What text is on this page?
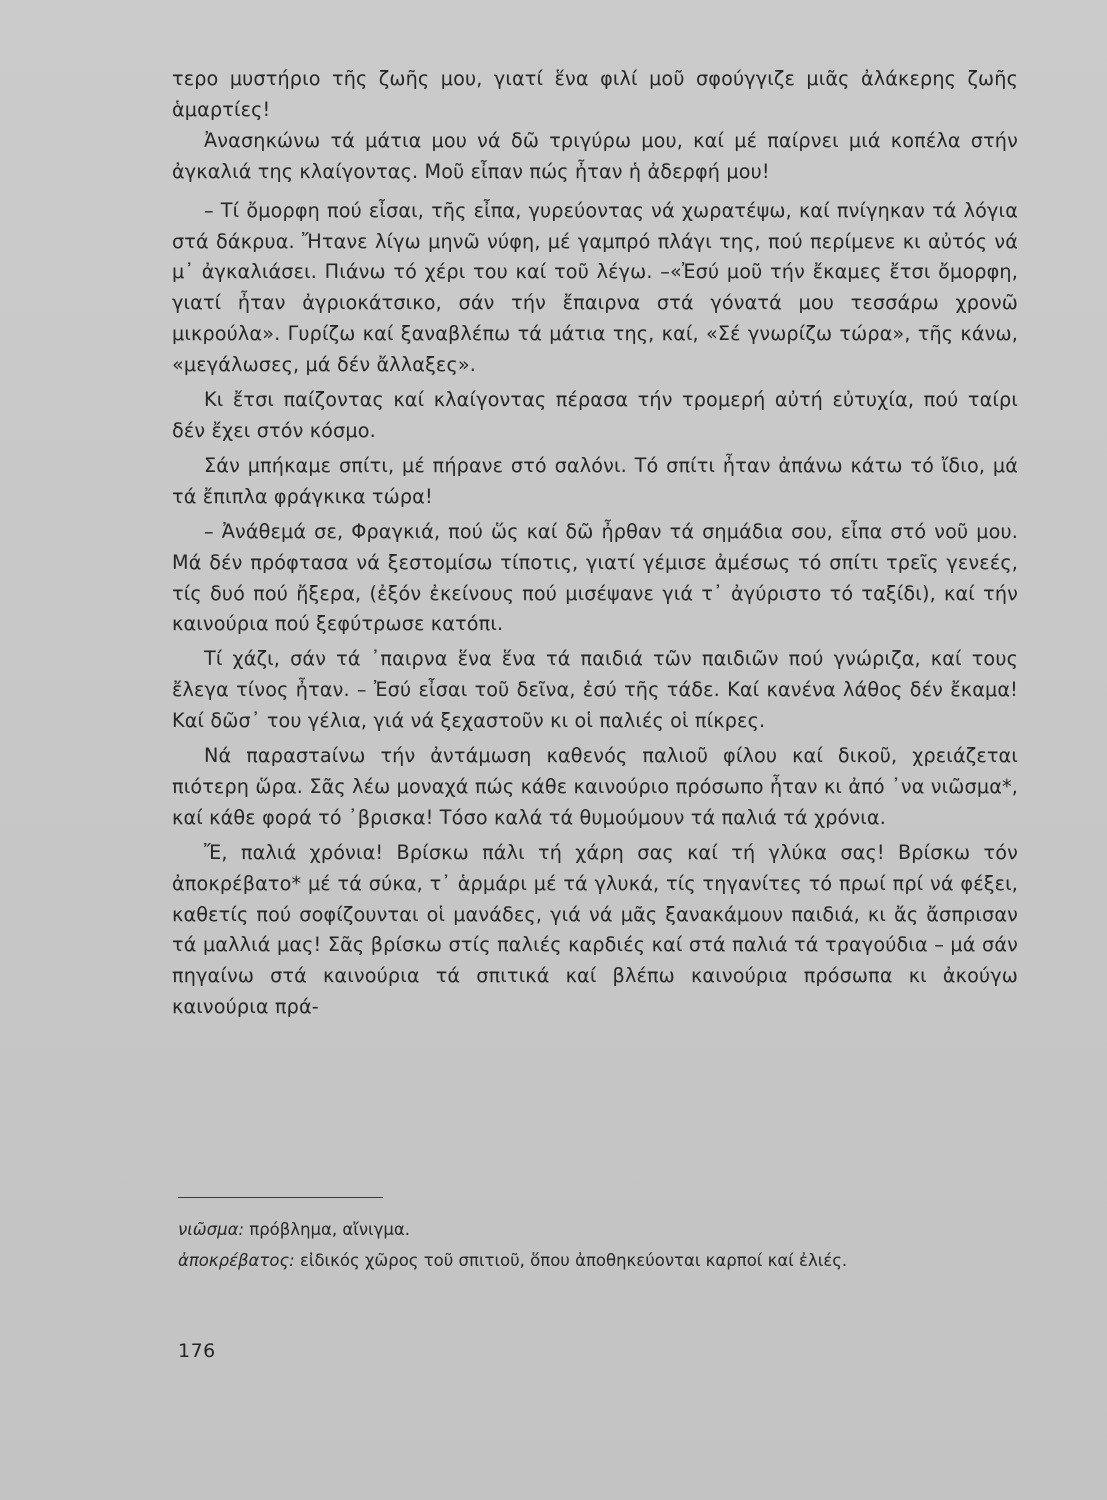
τερο μυστήριο τῆς ζωῆς μου, γιατί ἕνα φιλί μοῦ σφούγγιζε μιᾶς ἀλάκερης ζωῆς ἁμαρτίες!

Ἀνασηκώνω τά μάτια μου νά δῶ τριγύρω μου, καί μέ παίρνει μιά κοπέλα στήν ἀγκαλιά της κλαίγοντας. Μοῦ εἶπαν πώς ἦταν ἡ ἀδερφή μου!

– Τί ὄμορφη πού εἶσαι, τῆς εἶπα, γυρεύοντας νά χωρατέψω, καί πνίγηκαν τά λόγια στά δάκρυα. Ἤτανε λίγω μηνῶ νύφη, μέ γαμπρό πλάγι της, πού περίμενε κι αὐτός νά μ᾽ ἀγκαλιάσει. Πιάνω τό χέρι του καί τοῦ λέγω. –«Ἐσύ μοῦ τήν ἔκαμες ἔτσι ὄμορφη, γιατί ἦταν ἀγριοκάτσικο, σάν τήν ἔπαιρνα στά γόνατά μου τεσσάρω χρονῶ μικρούλα». Γυρίζω καί ξαναβλέπω τά μάτια της, καί, «Σέ γνωρίζω τώρα», τῆς κάνω, «μεγάλωσες, μά δέν ἄλλαξες».

Κι ἔτσι παίζοντας καί κλαίγοντας πέρασα τήν τρομερή αὐτή εὐτυχία, πού ταίρι δέν ἔχει στόν κόσμο.

Σάν μπήκαμε σπίτι, μέ πήρανε στό σαλόνι. Τό σπίτι ἦταν ἀπάνω κάτω τό ἴδιο, μά τά ἔπιπλα φράγκικα τώρα!

– Ἀνάθεμά σε, Φραγκιά, πού ὥς καί δῶ ἦρθαν τά σημάδια σου, εἶπα στό νοῦ μου. Μά δέν πρόφτασα νά ξεστομίσω τίποτις, γιατί γέμισε ἀμέσως τό σπίτι τρεῖς γενεές, τίς δυό πού ἤξερα, (ἐξόν ἐκείνους πού μισέψανε γιά τ᾽ ἀγύριστο τό ταξίδι), καί τήν καινούρια πού ξεφύτρωσε κατόπι.

Τί χάζι, σάν τά ᾽παιρνα ἕνα ἕνα τά παιδιά τῶν παιδιῶν πού γνώριζα, καί τους ἔλεγα τίνος ἦταν. – Ἐσύ εἶσαι τοῦ δεῖνα, ἐσύ τῆς τάδε. Καί κανένα λάθος δέν ἔκαμα! Καί δῶσ᾽ του γέλια, γιά νά ξεχαστοῦν κι οἱ παλιές οἱ πίκρες.

Νά παραστaίνω τήν ἀντάμωση καθενός παλιοῦ φίλου καί δικοῦ, χρειάζεται πιότερη ὥρα. Σᾶς λέω μοναχά πώς κάθε καινούριο πρόσωπο ἦταν κι ἀπό ᾽να νιῶσμα*, καί κάθε φορά τό ᾽βρισκα! Τόσο καλά τά θυμούμουν τά παλιά τά χρόνια.

Ἔ, παλιά χρόνια! Βρίσκω πάλι τή χάρη σας καί τή γλύκα σας! Βρίσκω τόν ἀποκρέβατο* μέ τά σύκα, τ᾽ ἁρμάρι μέ τά γλυκά, τίς τηγανίτες τό πρωί πρί νά φέξει, καθετίς πού σοφίζουνται οἱ μανάδες, γιά νά μᾶς ξανακάμουν παιδιά, κι ἄς ἄσπρισαν τά μαλλιά μας! Σᾶς βρίσκω στίς παλιές καρδιές καί στά παλιά τά τραγούδια – μά σάν πηγαίνω στά καινούρια τά σπιτικά καί βλέπω καινούρια πρόσωπα κι ἀκούγω καινούρια πρά-

νιῶσμα: πρόβλημα, αἴνιγμα.

ἀποκρέβατος: εἰδικός χῶρος τοῦ σπιτιοῦ, ὅπου ἀποθηκεύονται καρποί καί ἐλιές.

176
